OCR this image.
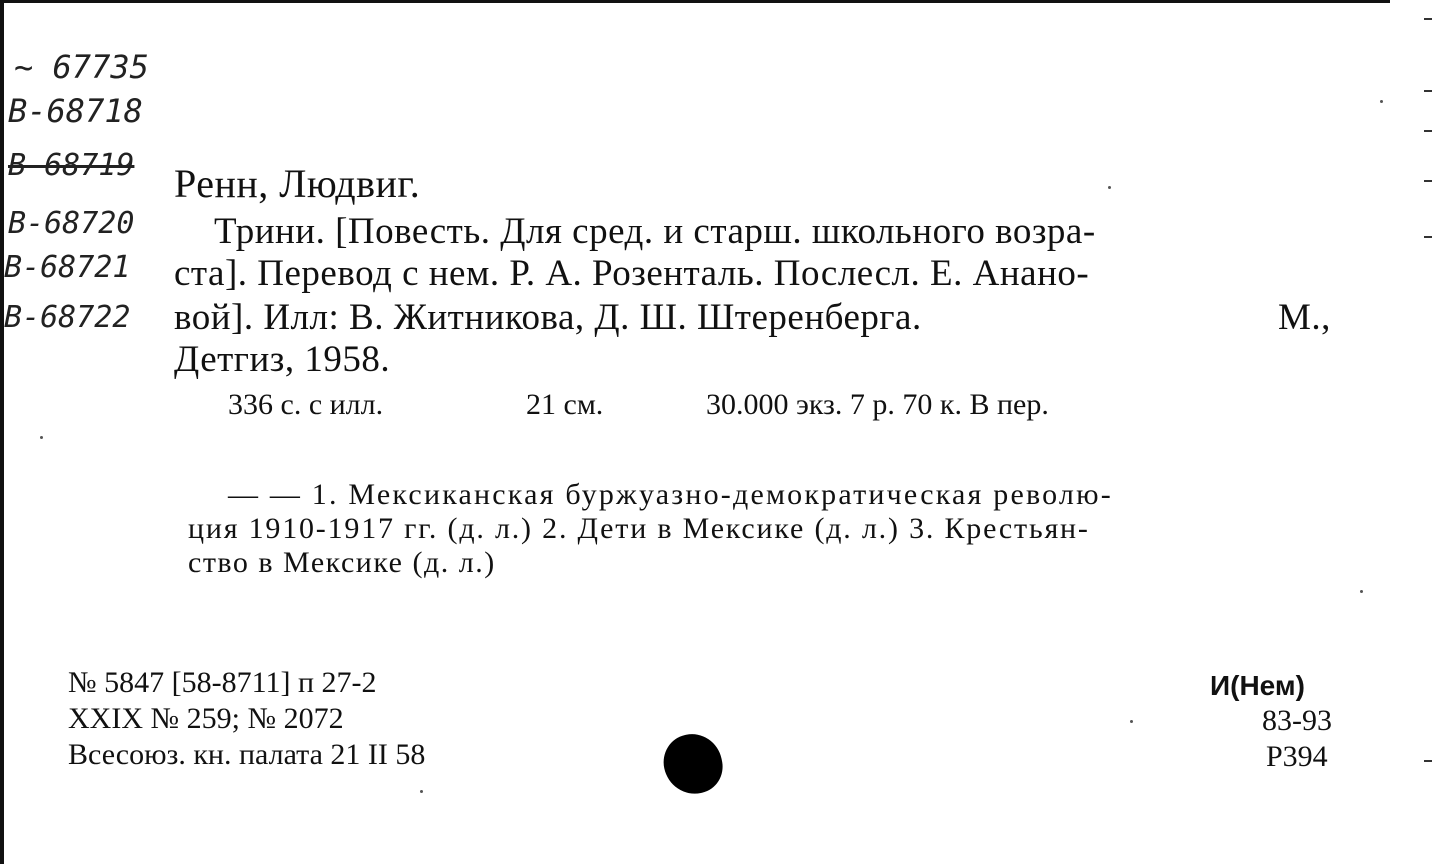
~ 67735
В-68718
В-68719
В-68720
В-68721
В-68722
Ренн, Людвиг.
Трини. [Повесть. Для сред. и старш. школьного возра-
ста]. Перевод с нем. Р. А. Розенталь. Послесл. Е. Анано-
вой]. Илл: В. Житникова, Д. Ш. Штеренберга.	М.,
Детгиз, 1958.
336 с. с илл.	21 см.	30.000 экз. 7 р. 70 к. В пер.
— — 1. Мексиканская буржуазно-демократическая револю-
ция 1910-1917 гг. (д. л.) 2. Дети в Мексике (д. л.) 3. Крестьян-
ство в Мексике (д. л.)
№ 5847 [58-8711] п 27-2
XXIX № 259; № 2072
Всесоюз. кн. палата 21 II 58
И(Нем)
83-93
Р394
